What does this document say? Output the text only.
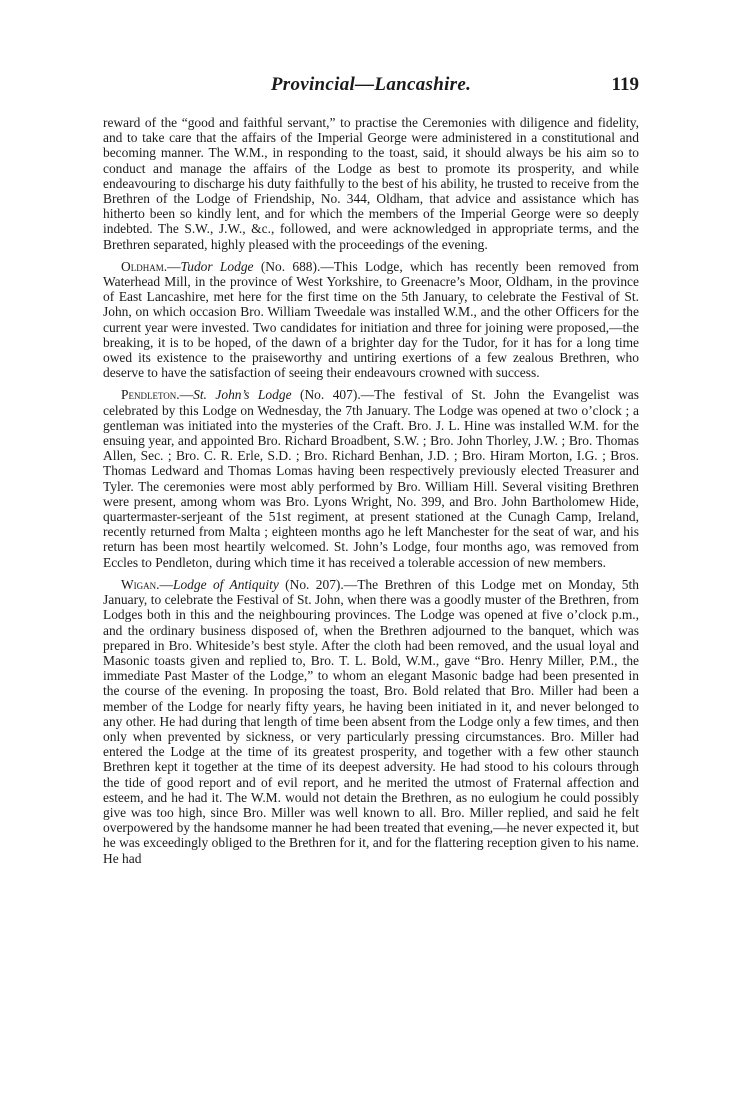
Provincial—Lancashire.	119

reward of the “good and faithful servant,” to practise the Ceremonies with diligence and fidelity, and to take care that the affairs of the Imperial George were administered in a constitutional and becoming manner. The W.M., in responding to the toast, said, it should always be his aim so to conduct and manage the affairs of the Lodge as best to promote its prosperity, and while endeavouring to discharge his duty faithfully to the best of his ability, he trusted to receive from the Brethren of the Lodge of Friendship, No. 344, Oldham, that advice and assistance which has hitherto been so kindly lent, and for which the members of the Imperial George were so deeply indebted. The S.W., J.W., &c., followed, and were acknowledged in appropriate terms, and the Brethren separated, highly pleased with the proceedings of the evening.

Oldham.—Tudor Lodge (No. 688).—This Lodge, which has recently been removed from Waterhead Mill, in the province of West Yorkshire, to Greenacre’s Moor, Oldham, in the province of East Lancashire, met here for the first time on the 5th January, to celebrate the Festival of St. John, on which occasion Bro. William Tweedale was installed W.M., and the other Officers for the current year were invested. Two candidates for initiation and three for joining were proposed,—the breaking, it is to be hoped, of the dawn of a brighter day for the Tudor, for it has for a long time owed its existence to the praiseworthy and untiring exertions of a few zealous Brethren, who deserve to have the satisfaction of seeing their endeavours crowned with success.

Pendleton.—St. John’s Lodge (No. 407).—The festival of St. John the Evangelist was celebrated by this Lodge on Wednesday, the 7th January. The Lodge was opened at two o’clock ; a gentleman was initiated into the mysteries of the Craft. Bro. J. L. Hine was installed W.M. for the ensuing year, and appointed Bro. Richard Broadbent, S.W. ; Bro. John Thorley, J.W. ; Bro. Thomas Allen, Sec. ; Bro. C. R. Erle, S.D. ; Bro. Richard Benhan, J.D. ; Bro. Hiram Morton, I.G. ; Bros. Thomas Ledward and Thomas Lomas having been respectively previously elected Treasurer and Tyler. The ceremonies were most ably performed by Bro. William Hill. Several visiting Brethren were present, among whom was Bro. Lyons Wright, No. 399, and Bro. John Bartholomew Hide, quartermaster-serjeant of the 51st regiment, at present stationed at the Cunagh Camp, Ireland, recently returned from Malta ; eighteen months ago he left Manchester for the seat of war, and his return has been most heartily welcomed. St. John’s Lodge, four months ago, was removed from Eccles to Pendleton, during which time it has received a tolerable accession of new members.

Wigan.—Lodge of Antiquity (No. 207).—The Brethren of this Lodge met on Monday, 5th January, to celebrate the Festival of St. John, when there was a goodly muster of the Brethren, from Lodges both in this and the neighbouring provinces. The Lodge was opened at five o’clock p.m., and the ordinary business disposed of, when the Brethren adjourned to the banquet, which was prepared in Bro. Whiteside’s best style. After the cloth had been removed, and the usual loyal and Masonic toasts given and replied to, Bro. T. L. Bold, W.M., gave “Bro. Henry Miller, P.M., the immediate Past Master of the Lodge,” to whom an elegant Masonic badge had been presented in the course of the evening. In proposing the toast, Bro. Bold related that Bro. Miller had been a member of the Lodge for nearly fifty years, he having been initiated in it, and never belonged to any other. He had during that length of time been absent from the Lodge only a few times, and then only when prevented by sickness, or very particularly pressing circumstances. Bro. Miller had entered the Lodge at the time of its greatest prosperity, and together with a few other staunch Brethren kept it together at the time of its deepest adversity. He had stood to his colours through the tide of good report and of evil report, and he merited the utmost of Fraternal affection and esteem, and he had it. The W.M. would not detain the Brethren, as no eulogium he could possibly give was too high, since Bro. Miller was well known to all. Bro. Miller replied, and said he felt overpowered by the handsome manner he had been treated that evening,—he never expected it, but he was exceedingly obliged to the Brethren for it, and for the flattering reception given to his name. He had
